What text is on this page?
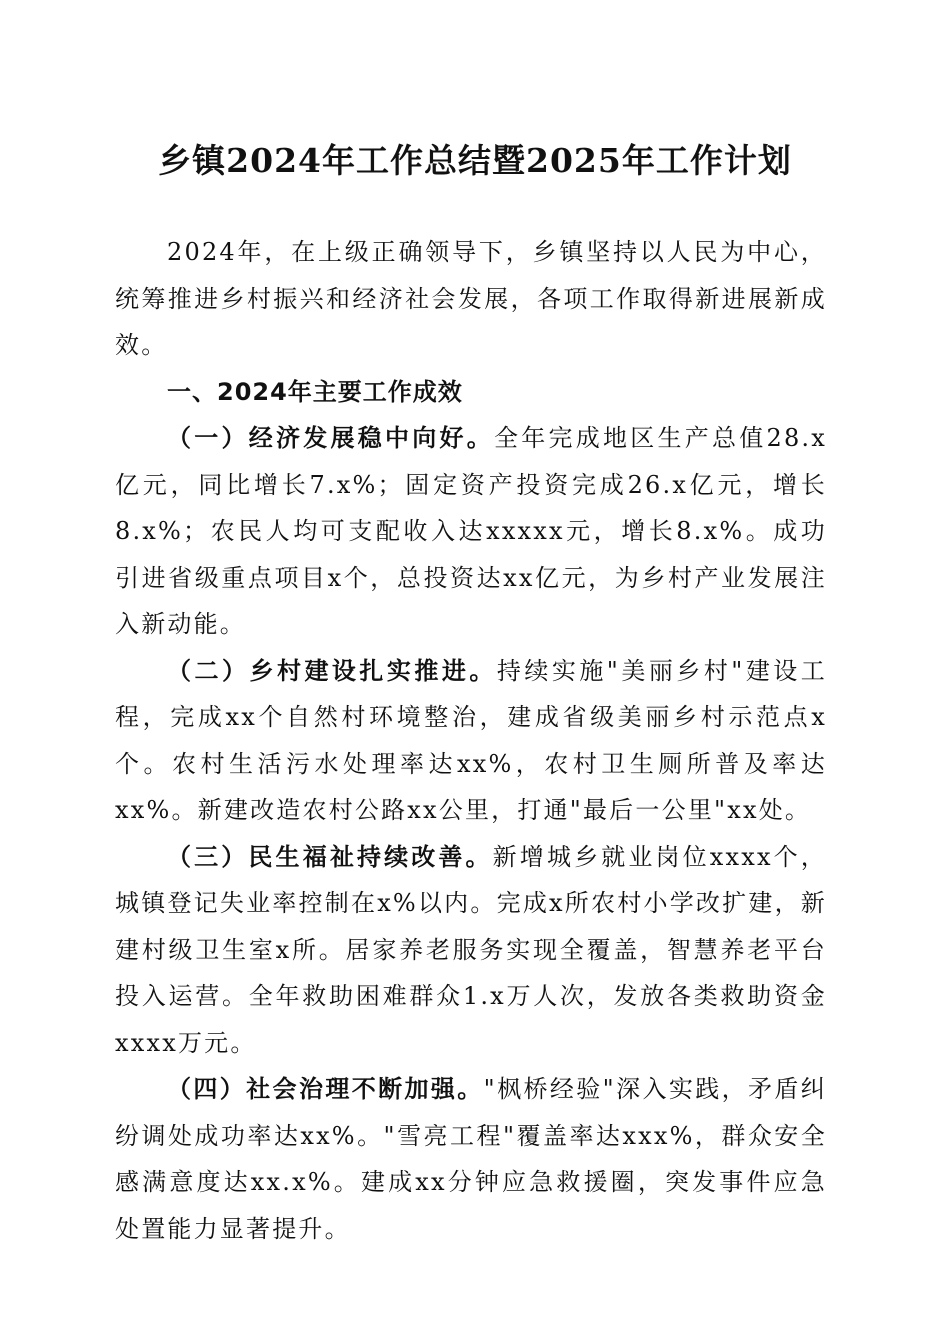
乡镇2024年工作总结暨2025年工作计划

2024年，在上级正确领导下，乡镇坚持以人民为中心，统筹推进乡村振兴和经济社会发展，各项工作取得新进展新成效。

一、2024年主要工作成效

（一）经济发展稳中向好。全年完成地区生产总值28.x亿元，同比增长7.x%；固定资产投资完成26.x亿元，增长8.x%；农民人均可支配收入达xxxxx元，增长8.x%。成功引进省级重点项目x个，总投资达xx亿元，为乡村产业发展注入新动能。

（二）乡村建设扎实推进。持续实施"美丽乡村"建设工程，完成xx个自然村环境整治，建成省级美丽乡村示范点x个。农村生活污水处理率达xx%，农村卫生厕所普及率达xx%。新建改造农村公路xx公里，打通"最后一公里"xx处。

（三）民生福祉持续改善。新增城乡就业岗位xxxx个，城镇登记失业率控制在x%以内。完成x所农村小学改扩建，新建村级卫生室x所。居家养老服务实现全覆盖，智慧养老平台投入运营。全年救助困难群众1.x万人次，发放各类救助资金xxxx万元。

（四）社会治理不断加强。"枫桥经验"深入实践，矛盾纠纷调处成功率达xx%。"雪亮工程"覆盖率达xxx%，群众安全感满意度达xx.x%。建成xx分钟应急救援圈，突发事件应急处置能力显著提升。
